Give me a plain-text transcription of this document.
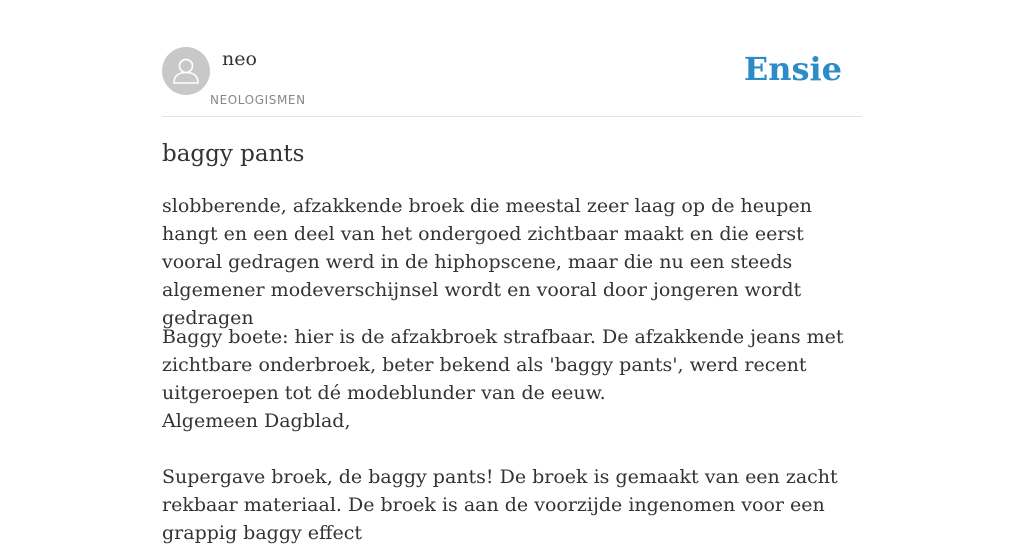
neo
NEOLOGISMEN
Ensie
baggy pants

slobberende, afzakkende broek die meestal zeer laag op de heupen hangt en een deel van het ondergoed zichtbaar maakt en die eerst vooral gedragen werd in de hiphopscene, maar die nu een steeds algemener modeverschijnsel wordt en vooral door jongeren wordt gedragen

Baggy boete: hier is de afzakbroek strafbaar. De afzakkende jeans met zichtbare onderbroek, beter bekend als 'baggy pants', werd recent uitgeroepen tot dé modeblunder van de eeuw.
Algemeen Dagblad,

Supergave broek, de baggy pants! De broek is gemaakt van een zacht rekbaar materiaal. De broek is aan de voorzijde ingenomen voor een grappig baggy effect
